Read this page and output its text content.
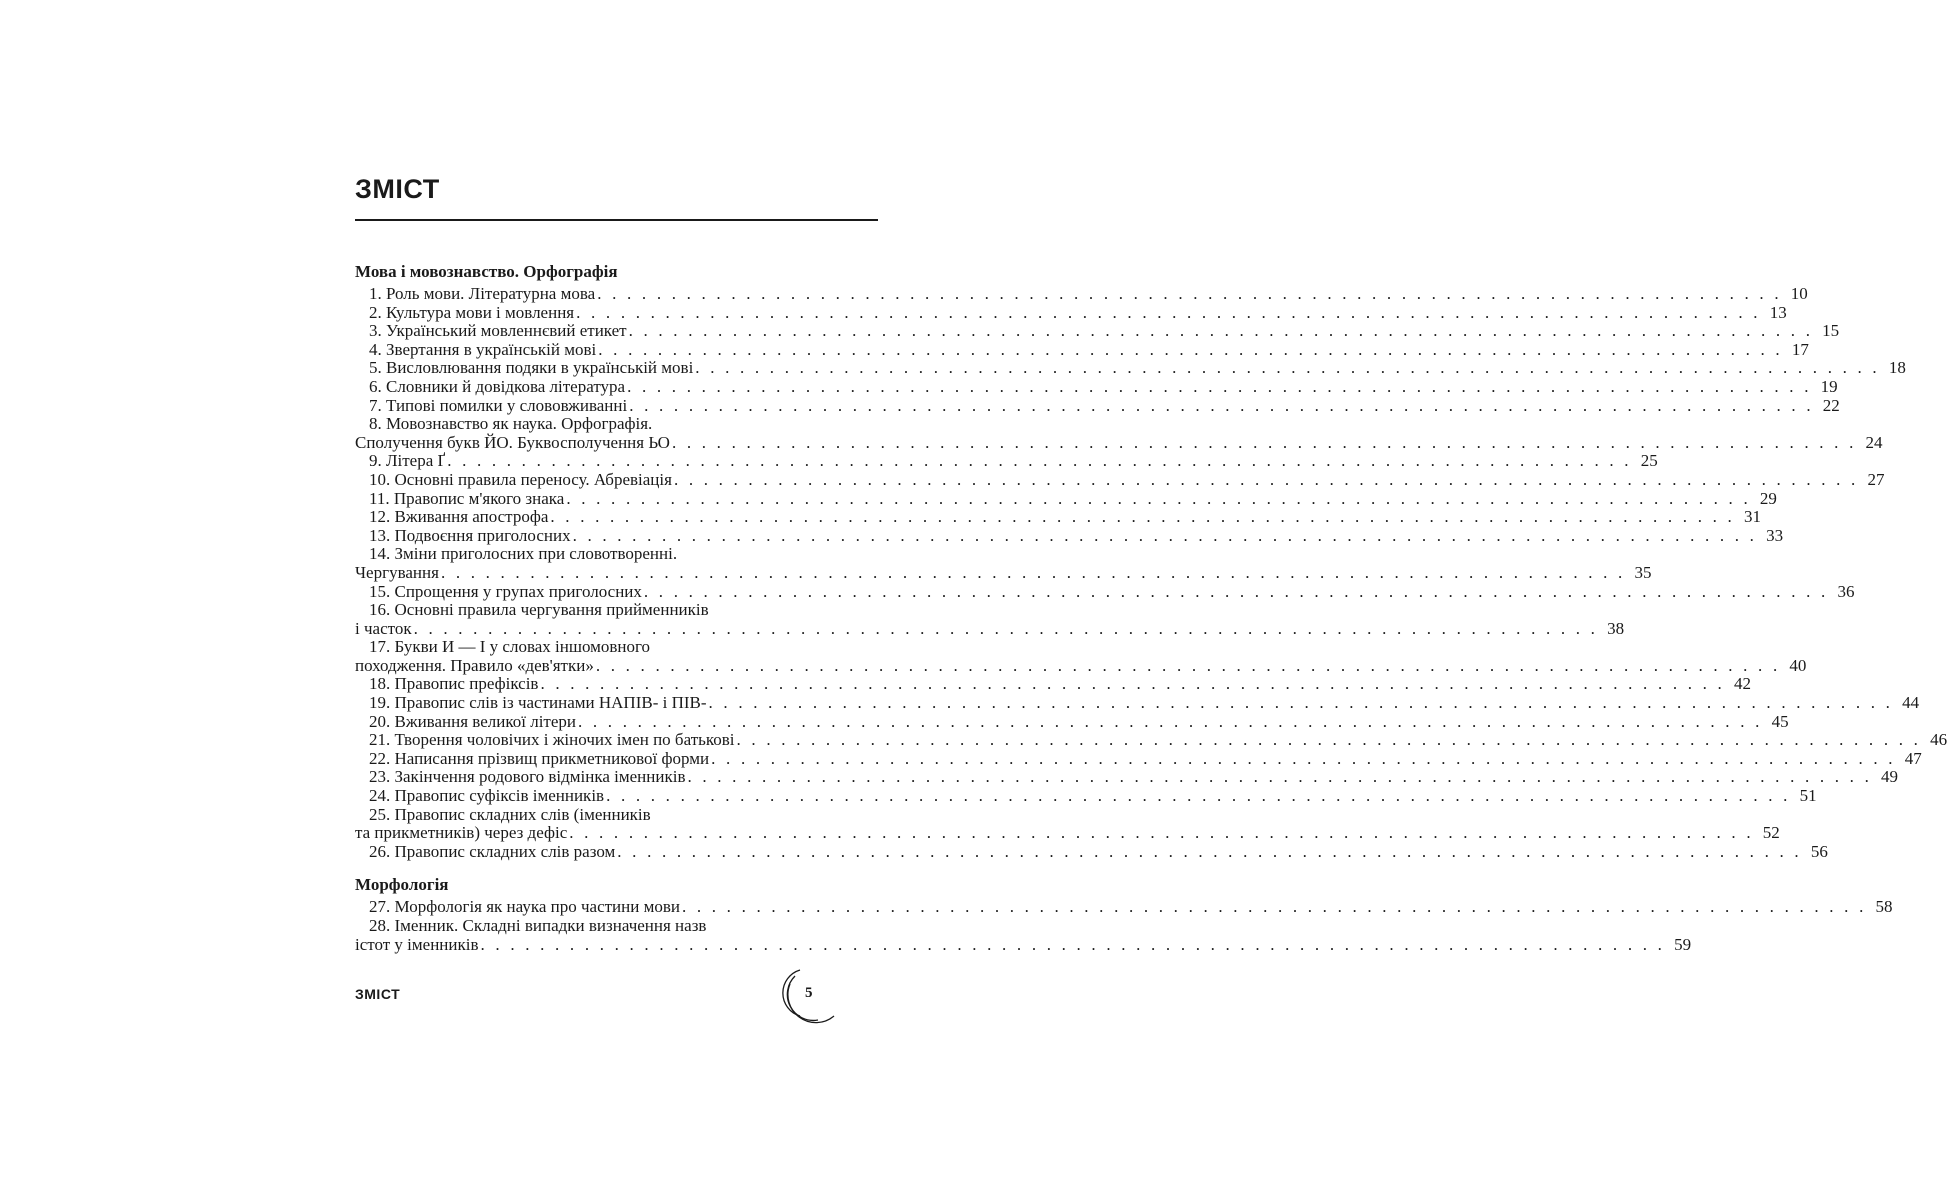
ЗМІСТ
Мова і мовознавство. Орфографія
1. Роль мови. Літературна мова . . . . . . . . . . . . . . . . . . . . . . . . . . . . . . . . . . . . . . . . . . . . . . . . . . . . . . . . . . . . . . . . . . . . . . . . . . . . . . . . 10
2. Культура мови і мовлення . . . . . . . . . . . . . . . . . . . . . . . . . . . . . . . . . . . . . . . . . . . . . . . . . . . . . . . . . . . . . . . . . . . . . . . . . . . . . . . . 13
3. Український мовленнєвий етикет . . . . . . . . . . . . . . . . . . . . . . . . . . . . . . . . . . . . . . . . . . . . . . . . . . . . . . . . . . . . . . . . . . . . . . . . . . . . . . . . 15
4. Звертання в українській мові . . . . . . . . . . . . . . . . . . . . . . . . . . . . . . . . . . . . . . . . . . . . . . . . . . . . . . . . . . . . . . . . . . . . . . . . . . . . . . . . 17
5. Висловлювання подяки в українській мові . . . . . . . . . . . . . . . . . . . . . . . . . . . . . . . . . . . . . . . . . . . . . . . . . . . . . . . . . . . . . . . . . . . . . . . . . . . . . . . . 18
6. Словники й довідкова література . . . . . . . . . . . . . . . . . . . . . . . . . . . . . . . . . . . . . . . . . . . . . . . . . . . . . . . . . . . . . . . . . . . . . . . . . . . . . . . . 19
7. Типові помилки у слововживанні . . . . . . . . . . . . . . . . . . . . . . . . . . . . . . . . . . . . . . . . . . . . . . . . . . . . . . . . . . . . . . . . . . . . . . . . . . . . . . . . 22
8. Мовознавство як наука. Орфографія.
Сполучення букв ЙО. Буквосполучення ЬО . . . . . . . . . . . . . . . . . . . . . . . . . . . . . . . . . . . . . . . . . . . . . . . . . . . . . . . . . . . . . . . . . . . . . . . . . . . . . . . . 24
9. Літера Ґ . . . . . . . . . . . . . . . . . . . . . . . . . . . . . . . . . . . . . . . . . . . . . . . . . . . . . . . . . . . . . . . . . . . . . . . . . . . . . . . . 25
10. Основні правила переносу. Абревіація . . . . . . . . . . . . . . . . . . . . . . . . . . . . . . . . . . . . . . . . . . . . . . . . . . . . . . . . . . . . . . . . . . . . . . . . . . . . . . . . 27
11. Правопис м'якого знака . . . . . . . . . . . . . . . . . . . . . . . . . . . . . . . . . . . . . . . . . . . . . . . . . . . . . . . . . . . . . . . . . . . . . . . . . . . . . . . . 29
12. Вживання апострофа . . . . . . . . . . . . . . . . . . . . . . . . . . . . . . . . . . . . . . . . . . . . . . . . . . . . . . . . . . . . . . . . . . . . . . . . . . . . . . . . 31
13. Подвоєння приголосних . . . . . . . . . . . . . . . . . . . . . . . . . . . . . . . . . . . . . . . . . . . . . . . . . . . . . . . . . . . . . . . . . . . . . . . . . . . . . . . . 33
14. Зміни приголосних при словотворенні.
Чергування . . . . . . . . . . . . . . . . . . . . . . . . . . . . . . . . . . . . . . . . . . . . . . . . . . . . . . . . . . . . . . . . . . . . . . . . . . . . . . . . 35
15. Спрощення у групах приголосних . . . . . . . . . . . . . . . . . . . . . . . . . . . . . . . . . . . . . . . . . . . . . . . . . . . . . . . . . . . . . . . . . . . . . . . . . . . . . . . . 36
16. Основні правила чергування прийменників
і часток . . . . . . . . . . . . . . . . . . . . . . . . . . . . . . . . . . . . . . . . . . . . . . . . . . . . . . . . . . . . . . . . . . . . . . . . . . . . . . . . 38
17. Букви И — І у словах іншомовного
походження. Правило «дев'ятки» . . . . . . . . . . . . . . . . . . . . . . . . . . . . . . . . . . . . . . . . . . . . . . . . . . . . . . . . . . . . . . . . . . . . . . . . . . . . . . . . 40
18. Правопис префіксів . . . . . . . . . . . . . . . . . . . . . . . . . . . . . . . . . . . . . . . . . . . . . . . . . . . . . . . . . . . . . . . . . . . . . . . . . . . . . . . . 42
19. Правопис слів із частинами НАПІВ- і ПІВ- . . . . . . . . . . . . . . . . . . . . . . . . . . . . . . . . . . . . . . . . . . . . . . . . . . . . . . . . . . . . . . . . . . . . . . . . . . . . . . . . 44
20. Вживання великої літери . . . . . . . . . . . . . . . . . . . . . . . . . . . . . . . . . . . . . . . . . . . . . . . . . . . . . . . . . . . . . . . . . . . . . . . . . . . . . . . . 45
21. Творення чоловічих і жіночих імен по батькові . . . . . . . . . . . . . . . . . . . . . . . . . . . . . . . . . . . . . . . . . . . . . . . . . . . . . . . . . . . . . . . . . . . . . . . . . . . . . . . . 46
22. Написання прізвищ прикметникової форми . . . . . . . . . . . . . . . . . . . . . . . . . . . . . . . . . . . . . . . . . . . . . . . . . . . . . . . . . . . . . . . . . . . . . . . . . . . . . . . . 47
23. Закінчення родового відмінка іменників . . . . . . . . . . . . . . . . . . . . . . . . . . . . . . . . . . . . . . . . . . . . . . . . . . . . . . . . . . . . . . . . . . . . . . . . . . . . . . . . 49
24. Правопис суфіксів іменників . . . . . . . . . . . . . . . . . . . . . . . . . . . . . . . . . . . . . . . . . . . . . . . . . . . . . . . . . . . . . . . . . . . . . . . . . . . . . . . . 51
25. Правопис складних слів (іменників
та прикметників) через дефіс . . . . . . . . . . . . . . . . . . . . . . . . . . . . . . . . . . . . . . . . . . . . . . . . . . . . . . . . . . . . . . . . . . . . . . . . . . . . . . . . 52
26. Правопис складних слів разом . . . . . . . . . . . . . . . . . . . . . . . . . . . . . . . . . . . . . . . . . . . . . . . . . . . . . . . . . . . . . . . . . . . . . . . . . . . . . . . . 56
Морфологія
27. Морфологія як наука про частини мови . . . . . . . . . . . . . . . . . . . . . . . . . . . . . . . . . . . . . . . . . . . . . . . . . . . . . . . . . . . . . . . . . . . . . . . . . . . . . . . . 58
28. Іменник. Складні випадки визначення назв
істот у іменників . . . . . . . . . . . . . . . . . . . . . . . . . . . . . . . . . . . . . . . . . . . . . . . . . . . . . . . . . . . . . . . . . . . . . . . . . . . . . . . . 59
ЗМІСТ	5
